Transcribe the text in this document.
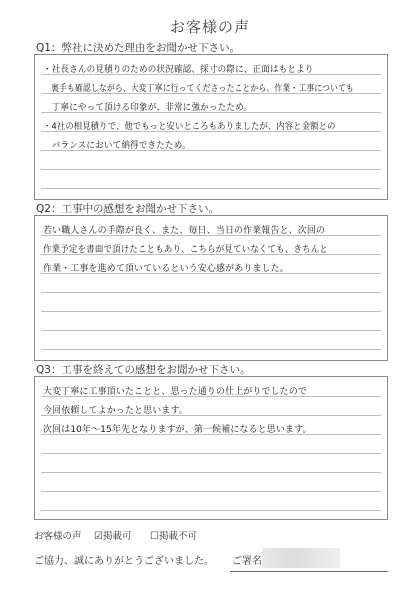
お客様の声
Q1：弊社に決めた理由をお聞かせ下さい。
・社長さんの見積りのための状況確認、採寸の際に、正面はもとより
　裏手も確認しながら、大変丁寧に行ってくださったことから、作業・工事についても
　丁寧にやって頂ける印象が、非常に強かったため。
・4社の相見積りで、他でもっと安いところもありましたが、内容と金額との
　バランスにおいて納得できたため。
Q2：工事中の感想をお聞かせ下さい。
若い職人さんの手際が良く、また、毎日、当日の作業報告と、次回の
作業予定を書面で頂けたこともあり、こちらが見ていなくても、きちんと
作業・工事を進めて頂いているという安心感がありました。
Q3：工事を終えての感想をお聞かせ下さい。
大変丁寧に工事頂いたことと、思った通りの仕上がりでしたので
今回依頼してよかったと思います。
次回は10年～15年先となりますが、第一候補になると思います。
お客様の声 ☑掲載可 ☐掲載不可
ご協力、誠にありがとうございました。 ご署名
